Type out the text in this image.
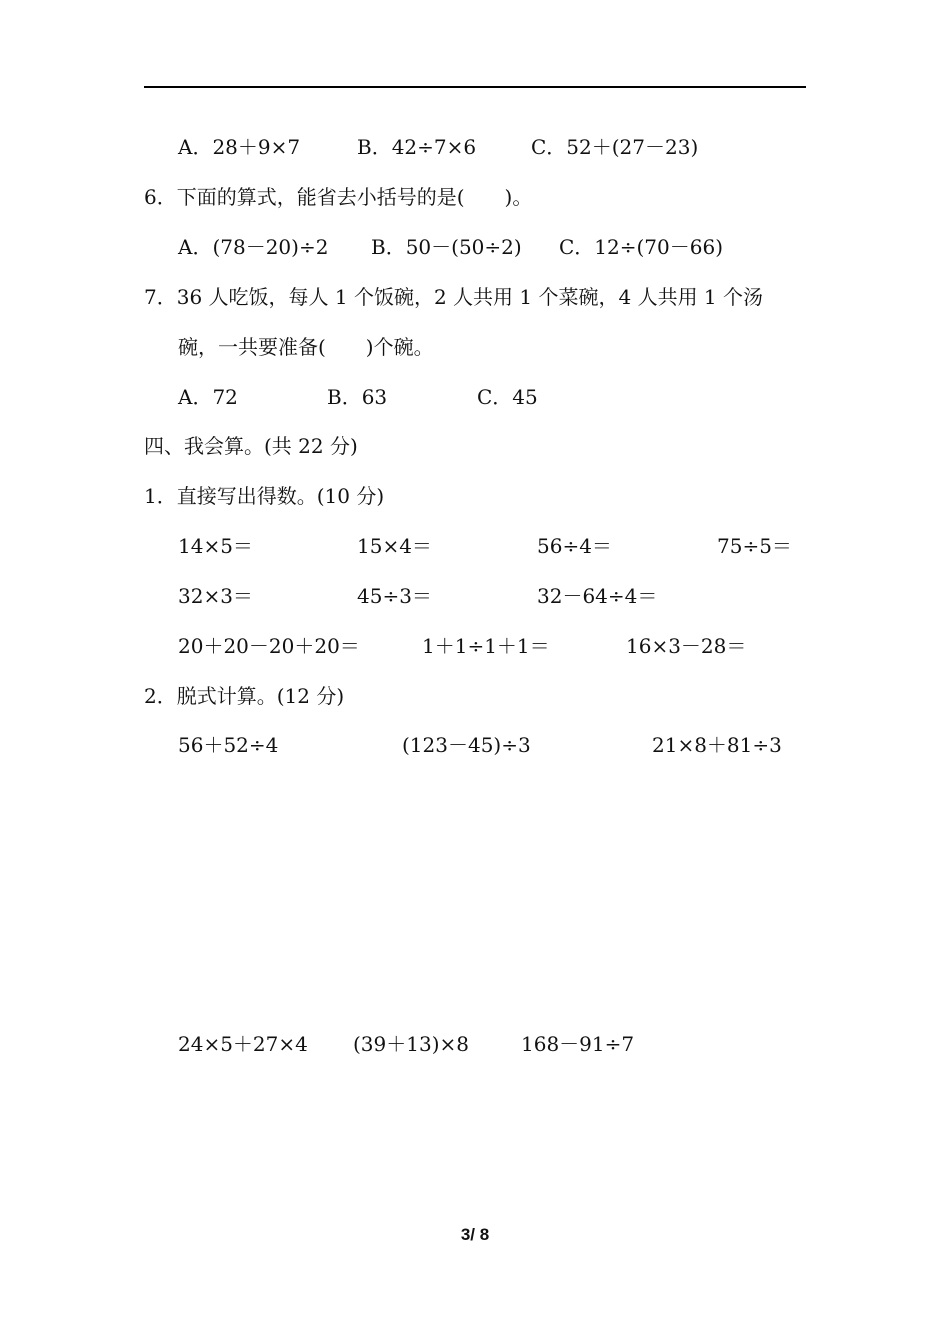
A．28＋9×7	B．42÷7×6	C．52＋(27－23)
6．下面的算式，能省去小括号的是(　　)。
A．(78－20)÷2 B．50－(50÷2) C．12÷(70－66)
7．36 人吃饭，每人 1 个饭碗，2 人共用 1 个菜碗，4 人共用 1 个汤
碗，一共要准备(　　)个碗。
A．72	B．63	C．45
四、我会算。(共 22 分)
1．直接写出得数。(10 分)
14×5＝	15×4＝	56÷4＝	75÷5＝
32×3＝	45÷3＝	32－64÷4＝
20＋20－20＋20＝	1＋1÷1＋1＝	16×3－28＝
2．脱式计算。(12 分)
56＋52÷4	(123－45)÷3	21×8＋81÷3
24×5＋27×4 (39＋13)×8	168－91÷7
3/ 8
